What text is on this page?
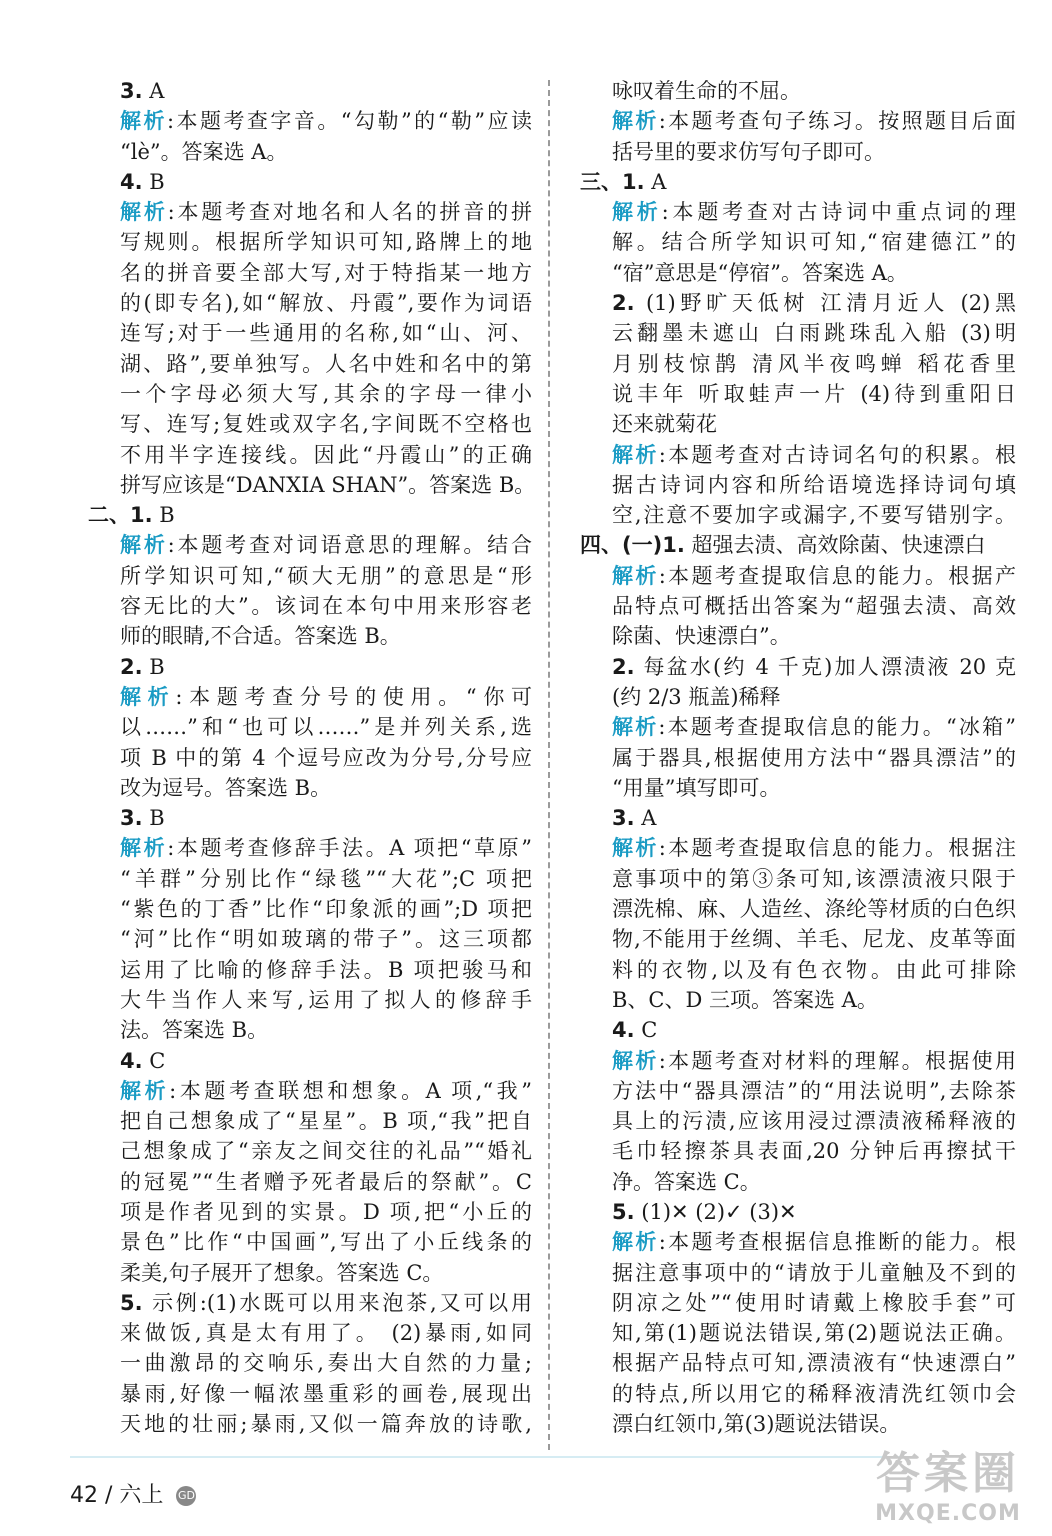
3. A
解析:本题考查字音。“勾勒”的“勒”应读
“lè”。答案选 A。
4. B
解析:本题考查对地名和人名的拼音的拼
写规则。根据所学知识可知,路牌上的地
名的拼音要全部大写,对于特指某一地方
的(即专名),如“解放、丹霞”,要作为词语
连写;对于一些通用的名称,如“山、河、
湖、路”,要单独写。人名中姓和名中的第
一个字母必须大写,其余的字母一律小
写、连写;复姓或双字名,字间既不空格也
不用半字连接线。因此“丹霞山”的正确
拼写应该是“DANXIA SHAN”。答案选 B。
二、1. B
解析:本题考查对词语意思的理解。结合
所学知识可知,“硕大无朋”的意思是“形
容无比的大”。该词在本句中用来形容老
师的眼睛,不合适。答案选 B。
2. B
解析:本题考查分号的使用。“你可
以……”和“也可以……”是并列关系,选
项 B 中的第 4 个逗号应改为分号,分号应
改为逗号。答案选 B。
3. B
解析:本题考查修辞手法。A 项把“草原”
“羊群”分别比作“绿毯”“大花”;C 项把
“紫色的丁香”比作“印象派的画”;D 项把
“河”比作“明如玻璃的带子”。这三项都
运用了比喻的修辞手法。B 项把骏马和
大牛当作人来写,运用了拟人的修辞手
法。答案选 B。
4. C
解析:本题考查联想和想象。A 项,“我”
把自己想象成了“星星”。B 项,“我”把自
己想象成了“亲友之间交往的礼品”“婚礼
的冠冕”“生者赠予死者最后的祭献”。C
项是作者见到的实景。D 项,把“小丘的
景色”比作“中国画”,写出了小丘线条的
柔美,句子展开了想象。答案选 C。
5. 示例:(1)水既可以用来泡茶,又可以用
来做饭,真是太有用了。 (2)暴雨,如同
一曲激昂的交响乐,奏出大自然的力量;
暴雨,好像一幅浓墨重彩的画卷,展现出
天地的壮丽;暴雨,又似一篇奔放的诗歌,
咏叹着生命的不屈。
解析:本题考查句子练习。按照题目后面
括号里的要求仿写句子即可。
三、1. A
解析:本题考查对古诗词中重点词的理
解。结合所学知识可知,“宿建德江”的
“宿”意思是“停宿”。答案选 A。
2. (1)野旷天低树 江清月近人 (2)黑
云翻墨未遮山 白雨跳珠乱入船 (3)明
月别枝惊鹊 清风半夜鸣蝉 稻花香里
说丰年 听取蛙声一片 (4)待到重阳日
还来就菊花
解析:本题考查对古诗词名句的积累。根
据古诗词内容和所给语境选择诗词句填
空,注意不要加字或漏字,不要写错别字。
四、(一)1. 超强去渍、高效除菌、快速漂白
解析:本题考查提取信息的能力。根据产
品特点可概括出答案为“超强去渍、高效
除菌、快速漂白”。
2. 每盆水(约 4 千克)加人漂渍液 20 克
(约 2/3 瓶盖)稀释
解析:本题考查提取信息的能力。“冰箱”
属于器具,根据使用方法中“器具漂洁”的
“用量”填写即可。
3. A
解析:本题考查提取信息的能力。根据注
意事项中的第③条可知,该漂渍液只限于
漂洗棉、麻、人造丝、涤纶等材质的白色织
物,不能用于丝绸、羊毛、尼龙、皮革等面
料的衣物,以及有色衣物。由此可排除
B、C、D 三项。答案选 A。
4. C
解析:本题考查对材料的理解。根据使用
方法中“器具漂洁”的“用法说明”,去除茶
具上的污渍,应该用浸过漂渍液稀释液的
毛巾轻擦茶具表面,20 分钟后再擦拭干
净。答案选 C。
5. (1)✕ (2)✓ (3)✕
解析:本题考查根据信息推断的能力。根
据注意事项中的“请放于儿童触及不到的
阴凉之处”“使用时请戴上橡胶手套”可
知,第(1)题说法错误,第(2)题说法正确。
根据产品特点可知,漂渍液有“快速漂白”
的特点,所以用它的稀释液清洗红领巾会
漂白红领巾,第(3)题说法错误。
42 / 六上 GD	答案圈
MXQE.COM
